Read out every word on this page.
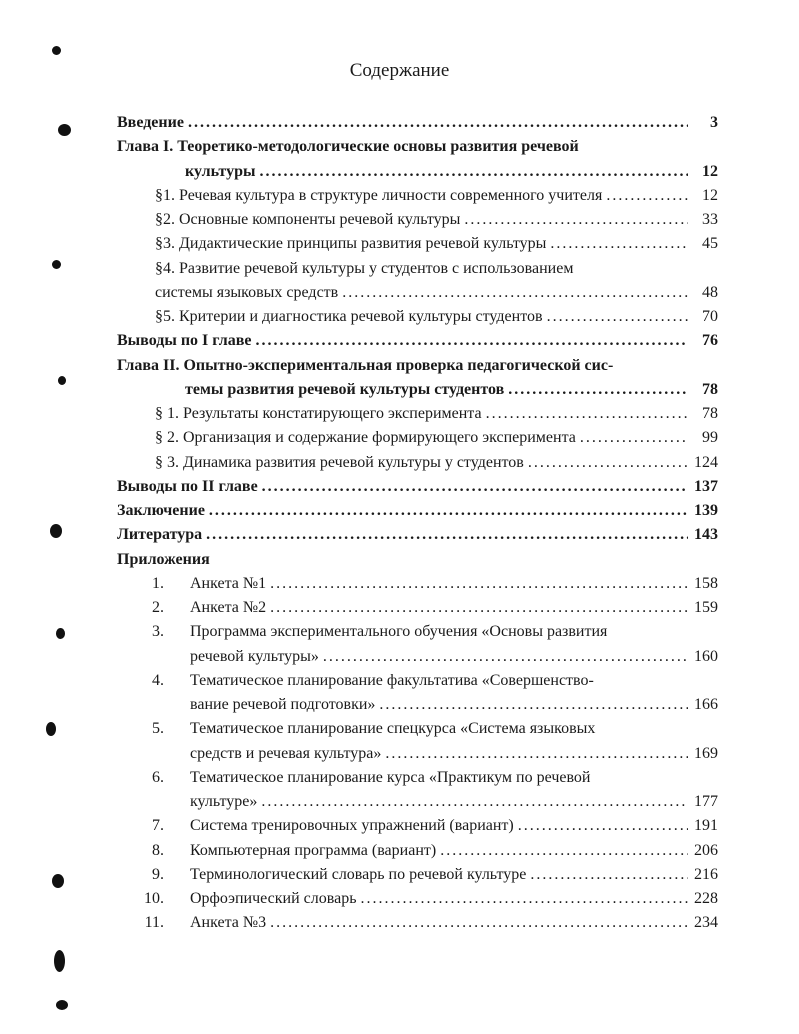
Содержание
Введение . . .	3
Глава I. Теоретико-методологические основы развития речевой
культуры . . .	12
§1. Речевая культура в структуре личности современного учителя . . .	12
§2. Основные компоненты речевой культуры . . .	33
§3. Дидактические принципы развития речевой культуры . . .	45
§4. Развитие речевой культуры у студентов с использованием
системы языковых средств . . .	48
§5. Критерии и диагностика речевой культуры студентов . . .	70
Выводы по I главе . . .	76
Глава II. Опытно-экспериментальная проверка педагогической сис-
темы развития речевой культуры студентов . . .	78
§ 1. Результаты констатирующего эксперимента . . .	78
§ 2. Организация и содержание формирующего эксперимента . . .	99
§ 3. Динамика развития речевой культуры у студентов . . .	124
Выводы по II главе . . .	137
Заключение . . .	139
Литература . . .	143
Приложения
1. Анкета №1 . . .	158
2. Анкета №2 . . .	159
3. Программа экспериментального обучения «Основы развития
речевой культуры» . . .	160
4. Тематическое планирование факультатива «Совершенство-
вание речевой подготовки» . . .	166
5. Тематическое планирование спецкурса «Система языковых
средств и речевая культура» . . .	169
6. Тематическое планирование курса «Практикум по речевой
культуре» . . .	177
7. Система тренировочных упражнений (вариант) . . .	191
8. Компьютерная программа (вариант) . . .	206
9. Терминологический словарь по речевой культуре . . .	216
10. Орфоэпический словарь . . .	228
11. Анкета №3 . . .	234
